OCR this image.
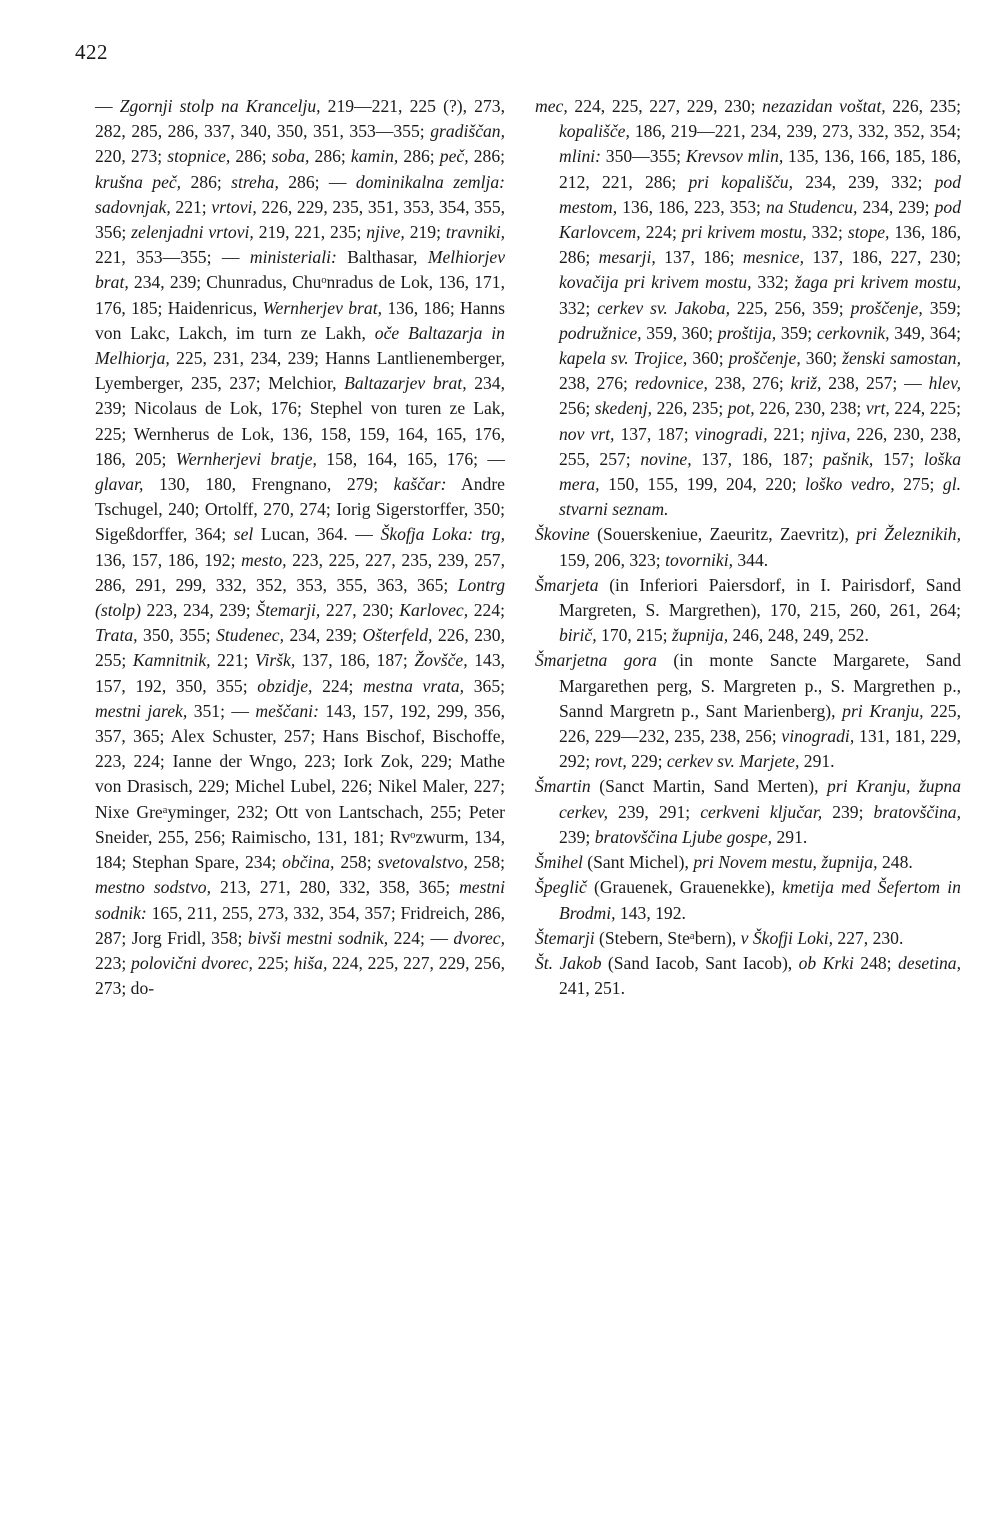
422

— Zgornji stolp na Krancelju, 219—221, 225 (?), 273, 282, 285, 286, 337, 340, 350, 351, 353—355; gradiščan, 220, 273; stopnice, 286; soba, 286; kamin, 286; peč, 286; krušna peč, 286; streha, 286; — dominikalna zemlja: sadovnjak, 221; vrtovi, 226, 229, 235, 351, 353, 354, 355, 356; zelenjadni vrtovi, 219, 221, 235; njive, 219; travniki, 221, 353—355; — ministeriali: Balthasar, Melhiorjev brat, 234, 239; Chunradus, Chuᵒnradus de Lok, 136, 171, 176, 185; Haidenricus, Wernherjev brat, 136, 186; Hanns von Lakc, Lakch, im turn ze Lakh, oče Baltazarja in Melhiorja, 225, 231, 234, 239; Hanns Lantlienemberger, Lyemberger, 235, 237; Melchior, Baltazarjev brat, 234, 239; Nicolaus de Lok, 176; Stephel von turen ze Lak, 225; Wernherus de Lok, 136, 158, 159, 164, 165, 176, 186, 205; Wernherjevi bratje, 158, 164, 165, 176; — glavar, 130, 180, Frengnano, 279; kaščar: Andre Tschugel, 240; Ortolff, 270, 274; Iorig Sigerstorffer, 350; Sigeßdorffer, 364; sel Lucan, 364. — Škofja Loka: trg, 136, 157, 186, 192; mesto, 223, 225, 227, 235, 239, 257, 286, 291, 299, 332, 352, 353, 355, 363, 365; Lontrg (stolp) 223, 234, 239; Štemarji, 227, 230; Karlovec, 224; Trata, 350, 355; Studenec, 234, 239; Ošterfeld, 226, 230, 255; Kamnitnik, 221; Viršk, 137, 186, 187; Žovšče, 143, 157, 192, 350, 355; obzidje, 224; mestna vrata, 365; mestni jarek, 351; — meščani: 143, 157, 192, 299, 356, 357, 365; Alex Schuster, 257; Hans Bischof, Bischoffe, 223, 224; Ianne der Wngo, 223; Iork Zok, 229; Mathe von Drasisch, 229; Michel Lubel, 226; Nikel Maler, 227; Nixe Greᵃyminger, 232; Ott von Lantschach, 255; Peter Sneider, 255, 256; Raimischo, 131, 181; Rvᵒzwurm, 134, 184; Stephan Spare, 234; občina, 258; svetovalstvo, 258; mestno sodstvo, 213, 271, 280, 332, 358, 365; mestni sodnik: 165, 211, 255, 273, 332, 354, 357; Fridreich, 286, 287; Jorg Fridl, 358; bivši mestni sodnik, 224; — dvorec, 223; polovični dvorec, 225; hiša, 224, 225, 227, 229, 256, 273; do-

mec, 224, 225, 227, 229, 230; nezazidan voštat, 226, 235; kopališče, 186, 219—221, 234, 239, 273, 332, 352, 354; mlini: 350—355; Krevsov mlin, 135, 136, 166, 185, 186, 212, 221, 286; pri kopališču, 234, 239, 332; pod mestom, 136, 186, 223, 353; na Studencu, 234, 239; pod Karlovcem, 224; pri krivem mostu, 332; stope, 136, 186, 286; mesarji, 137, 186; mesnice, 137, 186, 227, 230; kovačija pri krivem mostu, 332; žaga pri krivem mostu, 332; cerkev sv. Jakoba, 225, 256, 359; proščenje, 359; podružnice, 359, 360; proštija, 359; cerkovnik, 349, 364; kapela sv. Trojice, 360; proščenje, 360; ženski samostan, 238, 276; redovnice, 238, 276; križ, 238, 257; — hlev, 256; skedenj, 226, 235; pot, 226, 230, 238; vrt, 224, 225; nov vrt, 137, 187; vinogradi, 221; njiva, 226, 230, 238, 255, 257; novine, 137, 186, 187; pašnik, 157; loška mera, 150, 155, 199, 204, 220; loško vedro, 275; gl. stvarni seznam.

Škovine (Souerskeniue, Zaeuritz, Zaevritz), pri Železnikih, 159, 206, 323; tovorniki, 344.

Šmarjeta (in Inferiori Paiersdorf, in I. Pairisdorf, Sand Margreten, S. Margrethen), 170, 215, 260, 261, 264; birič, 170, 215; župnija, 246, 248, 249, 252.

Šmarjetna gora (in monte Sancte Margarete, Sand Margarethen perg, S. Margreten p., S. Margrethen p., Sannd Margretn p., Sant Marienberg), pri Kranju, 225, 226, 229—232, 235, 238, 256; vinogradi, 131, 181, 229, 292; rovt, 229; cerkev sv. Marjete, 291.

Šmartin (Sanct Martin, Sand Merten), pri Kranju, župna cerkev, 239, 291; cerkveni ključar, 239; bratovščina, 239; bratovščina Ljube gospe, 291.

Šmihel (Sant Michel), pri Novem mestu, župnija, 248.

Špeglič (Grauenek, Grauenekke), kmetija med Šefertom in Brodmi, 143, 192.

Štemarji (Stebern, Steᵃbern), v Škofji Loki, 227, 230.

Št. Jakob (Sand Iacob, Sant Iacob), ob Krki 248; desetina, 241, 251.
